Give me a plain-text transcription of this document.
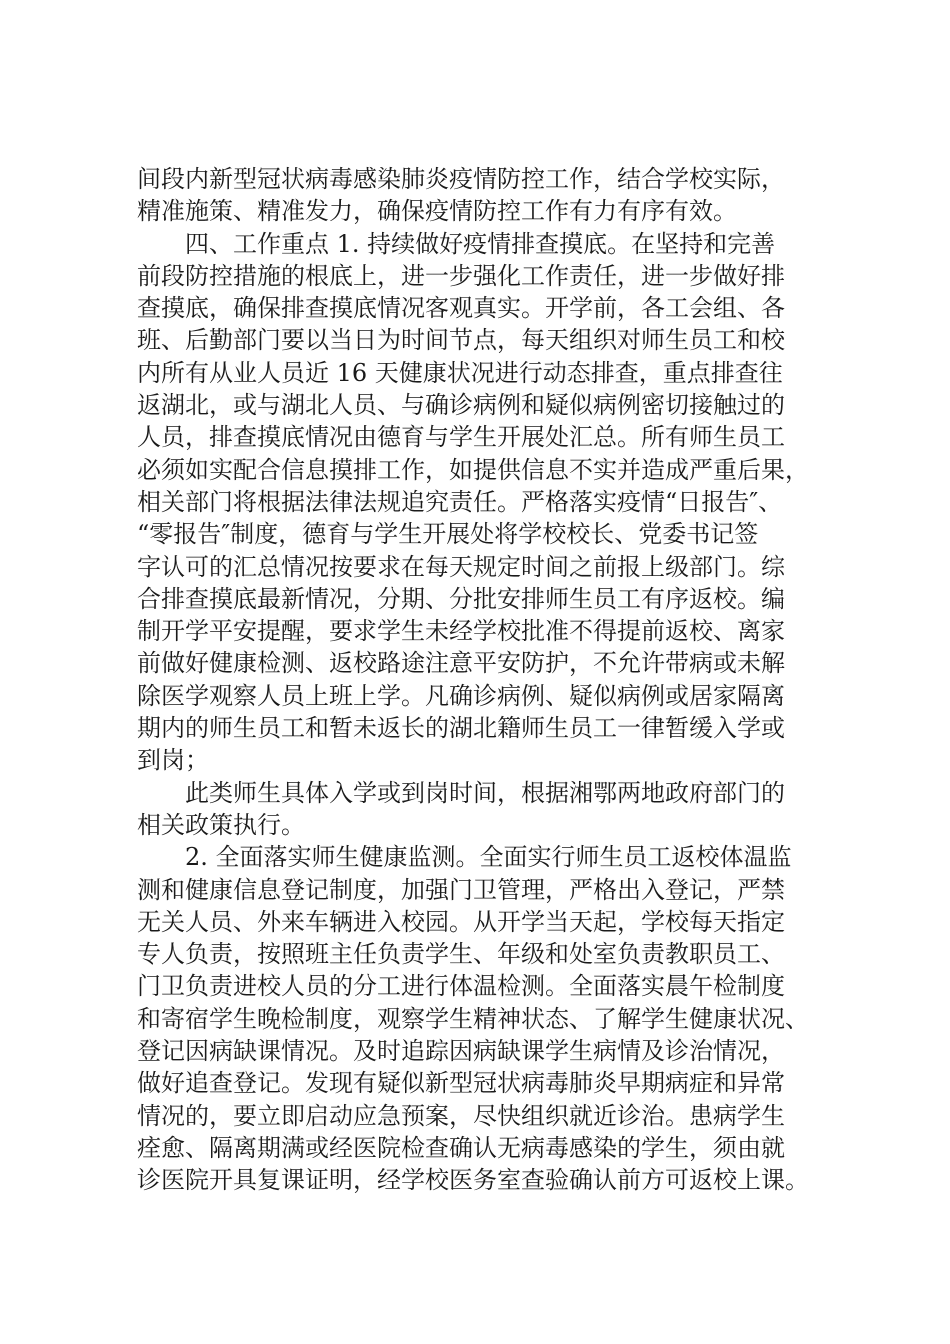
间段内新型冠状病毒感染肺炎疫情防控工作，结合学校实际，
精准施策、精准发力，确保疫情防控工作有力有序有效。
四、工作重点 1. 持续做好疫情排查摸底。在坚持和完善
前段防控措施的根底上，进一步强化工作责任，进一步做好排
查摸底，确保排查摸底情况客观真实。开学前，各工会组、各
班、后勤部门要以当日为时间节点，每天组织对师生员工和校
内所有从业人员近 16 天健康状况进行动态排查，重点排查往
返湖北，或与湖北人员、与确诊病例和疑似病例密切接触过的
人员，排查摸底情况由德育与学生开展处汇总。所有师生员工
必须如实配合信息摸排工作，如提供信息不实并造成严重后果，
相关部门将根据法律法规追究责任。严格落实疫情“日报告″、
“零报告″制度，德育与学生开展处将学校校长、党委书记签
字认可的汇总情况按要求在每天规定时间之前报上级部门。综
合排查摸底最新情况，分期、分批安排师生员工有序返校。编
制开学平安提醒，要求学生未经学校批准不得提前返校、离家
前做好健康检测、返校路途注意平安防护，不允许带病或未解
除医学观察人员上班上学。凡确诊病例、疑似病例或居家隔离
期内的师生员工和暂未返长的湖北籍师生员工一律暂缓入学或
到岗；
此类师生具体入学或到岗时间，根据湘鄂两地政府部门的
相关政策执行。
2. 全面落实师生健康监测。全面实行师生员工返校体温监
测和健康信息登记制度，加强门卫管理，严格出入登记，严禁
无关人员、外来车辆进入校园。从开学当天起，学校每天指定
专人负责，按照班主任负责学生、年级和处室负责教职员工、
门卫负责进校人员的分工进行体温检测。全面落实晨午检制度
和寄宿学生晚检制度，观察学生精神状态、了解学生健康状况、
登记因病缺课情况。及时追踪因病缺课学生病情及诊治情况，
做好追查登记。发现有疑似新型冠状病毒肺炎早期病症和异常
情况的，要立即启动应急预案，尽快组织就近诊治。患病学生
痊愈、隔离期满或经医院检查确认无病毒感染的学生，须由就
诊医院开具复课证明，经学校医务室查验确认前方可返校上课。
